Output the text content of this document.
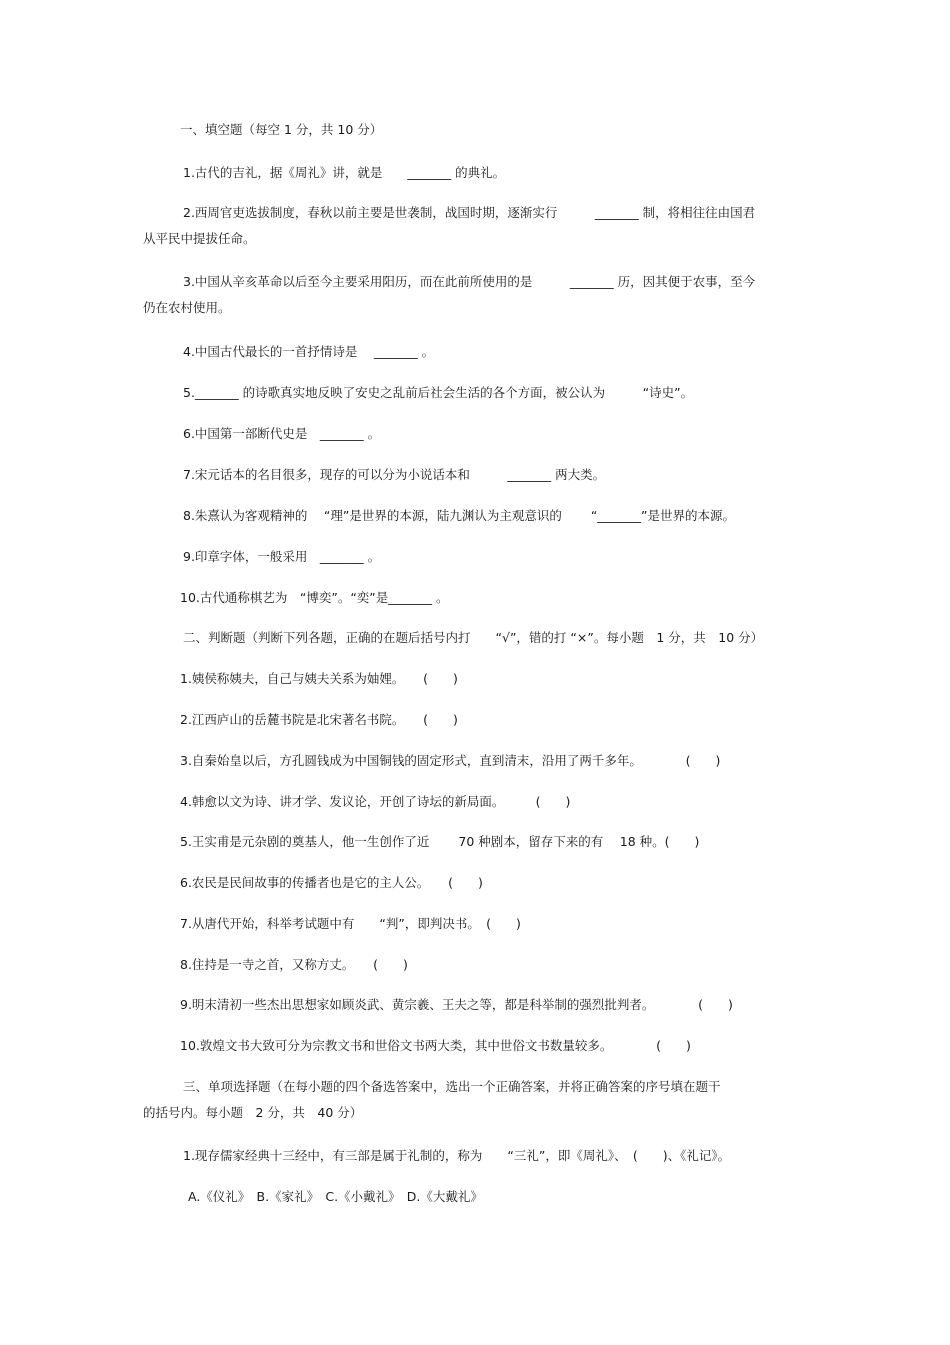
一、填空题（每空 1 分，共 10 分）
1.古代的吉礼，据《周礼》讲，就是　　_______ 的典礼。
2.西周官吏选拔制度，春秋以前主要是世袭制，战国时期，逐渐实行　　　_______ 制，将相往往由国君
从平民中提拔任命。
3.中国从辛亥革命以后至今主要采用阳历，而在此前所使用的是　　　_______ 历，因其便于农事，至今
仍在农村使用。
4.中国古代最长的一首抒情诗是　 _______ 。
5._______ 的诗歌真实地反映了安史之乱前后社会生活的各个方面，被公认为　　　“诗史”。
6.中国第一部断代史是　_______ 。
7.宋元话本的名目很多，现存的可以分为小说话本和　　　_______ 两大类。
8.朱熹认为客观精神的　 “理”是世界的本源，陆九渊认为主观意识的　　 “_______”是世界的本源。
9.印章字体，一般采用　_______ 。
10.古代通称棋艺为　“博奕”。“奕”是_______ 。
二、判断题（判断下列各题，正确的在题后括号内打　　“√”，错的打 “×”。每小题　1 分，共　10 分）
1.姨侯称姨夫，自己与姨夫关系为妯娌。　　(　　)
2.江西庐山的岳麓书院是北宋著名书院。　　(　　)
3.自秦始皇以后，方孔圆钱成为中国铜钱的固定形式，直到清末，沿用了两千多年。　　　　(　　)
4.韩愈以文为诗、讲才学、发议论，开创了诗坛的新局面。　　　(　　)
5.王实甫是元杂剧的奠基人，他一生创作了近　　 70 种剧本，留存下来的有　 18 种。(　　)
6.农民是民间故事的传播者也是它的主人公。　　(　　)
7.从唐代开始，科举考试题中有　　“判”，即判决书。　(　　)
8.住持是一寺之首，又称方丈。　　(　　)
9.明末清初一些杰出思想家如顾炎武、黄宗羲、王夫之等，都是科举制的强烈批判者。　　　　(　　)
10.敦煌文书大致可分为宗教文书和世俗文书两大类，其中世俗文书数量较多。　　　　(　　)
三、单项选择题（在每小题的四个备选答案中，选出一个正确答案，并将正确答案的序号填在题干
的括号内。每小题　2 分，共　40 分）
1.现存儒家经典十三经中，有三部是属于礼制的，称为　　“三礼”，即《周礼》、　(　　)、《礼记》。
A.《仪礼》　B.《家礼》　C.《小戴礼》　D.《大戴礼》
